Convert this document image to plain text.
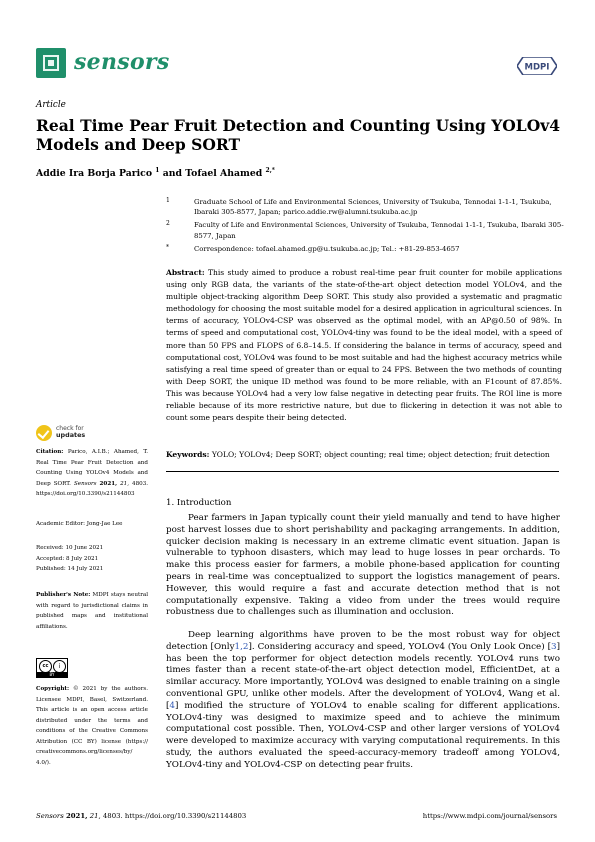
sensors	MDPI
Article
Real Time Pear Fruit Detection and Counting Using YOLOv4 Models and Deep SORT
Addie Ira Borja Parico $^1$ and Tofael Ahamed $^{2,*}$
1	Graduate School of Life and Environmental Sciences, University of Tsukuba, Tennodai 1-1-1, Tsukuba, Ibaraki 305-8577, Japan; parico.addie.rw@alumni.tsukuba.ac.jp
2	Faculty of Life and Environmental Sciences, University of Tsukuba, Tennodai 1-1-1, Tsukuba, Ibaraki 305-8577, Japan
*	Correspondence: tofael.ahamed.gp@u.tsukuba.ac.jp; Tel.: +81-29-853-4657
Abstract: This study aimed to produce a robust real-time pear fruit counter for mobile applications using only RGB data, the variants of the state-of-the-art object detection model YOLOv4, and the multiple object-tracking algorithm Deep SORT. This study also provided a systematic and pragmatic methodology for choosing the most suitable model for a desired application in agricultural sciences. In terms of accuracy, YOLOv4-CSP was observed as the optimal model, with an AP@0.50 of 98%. In terms of speed and computational cost, YOLOv4-tiny was found to be the ideal model, with a speed of more than 50 FPS and FLOPS of 6.8–14.5. If considering the balance in terms of accuracy, speed and computational cost, YOLOv4 was found to be most suitable and had the highest accuracy metrics while satisfying a real time speed of greater than or equal to 24 FPS. Between the two methods of counting with Deep SORT, the unique ID method was found to be more reliable, with an F1count of 87.85%. This was because YOLOv4 had a very low false negative in detecting pear fruits. The ROI line is more reliable because of its more restrictive nature, but due to flickering in detection it was not able to count some pears despite their being detected.
Keywords: YOLO; YOLOv4; Deep SORT; object counting; real time; object detection; fruit detection
check for
updates
Citation: Parico, A.I.B.; Ahamed, T. Real Time Pear Fruit Detection and Counting Using YOLOv4 Models and Deep SORT. Sensors 2021, 21, 4803. https://doi.org/10.3390/s21144803
Academic Editor: Jong-Jae Lee
Received: 10 June 2021
Accepted: 8 July 2021
Published: 14 July 2021
Publisher's Note: MDPI stays neutral with regard to jurisdictional claims in published maps and institutional affiliations.
cc	i
BY
Copyright: © 2021 by the authors. Licensee MDPI, Basel, Switzerland. This article is an open access article distributed under the terms and conditions of the Creative Commons Attribution (CC BY) license (https:// creativecommons.org/licenses/by/ 4.0/).
1. Introduction
Pear farmers in Japan typically count their yield manually and tend to have higher post harvest losses due to short perishability and packaging arrangements. In addition, quicker decision making is necessary in an extreme climatic event situation. Japan is vulnerable to typhoon disasters, which may lead to huge losses in pear orchards. To make this process easier for farmers, a mobile phone-based application for counting pears in real-time was conceptualized to support the logistics management of pears. However, this would require a fast and accurate detection method that is not computationally expensive. Taking a video from under the trees would require robustness due to challenges such as illumination and occlusion.
Deep learning algorithms have proven to be the most robust way for object detection [Only1,2]. Considering accuracy and speed, YOLOv4 (You Only Look Once) [3] has been the top performer for object detection models recently. YOLOv4 runs two times faster than a recent state-of-the-art object detection model, EfficientDet, at a similar accuracy. More importantly, YOLOv4 was designed to enable training on a single conventional GPU, unlike other models. After the development of YOLOv4, Wang et al. [4] modified the structure of YOLOv4 to enable scaling for different applications. YOLOv4-tiny was designed to maximize speed and to achieve the minimum computational cost possible. Then, YOLOv4-CSP and other larger versions of YOLOv4 were developed to maximize accuracy with varying computational requirements. In this study, the authors evaluated the speed-accuracy-memory tradeoff among YOLOv4, YOLOv4-tiny and YOLOv4-CSP on detecting pear fruits.
Sensors 2021, 21, 4803. https://doi.org/10.3390/s21144803	https://www.mdpi.com/journal/sensors
